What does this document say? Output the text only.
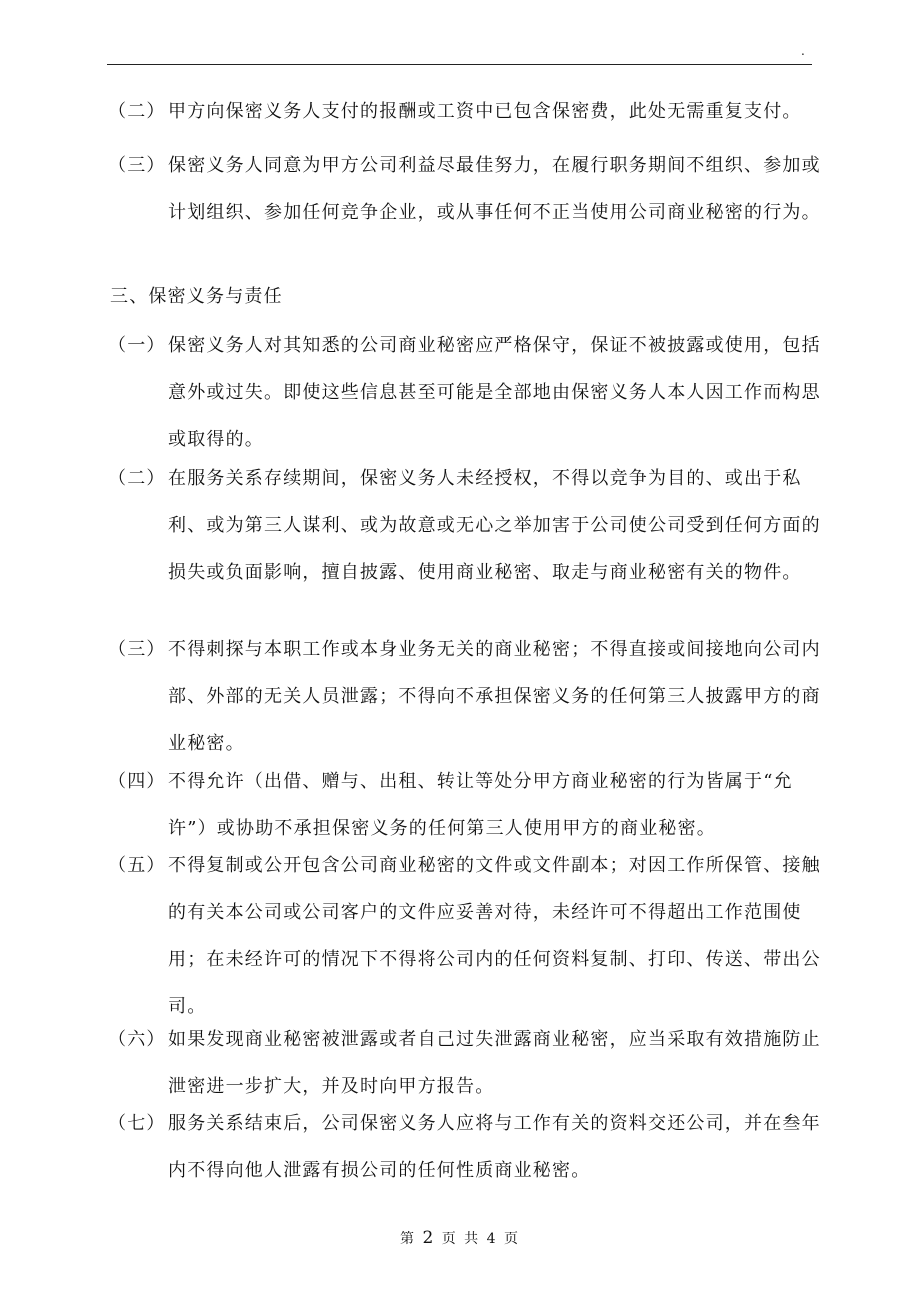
.
（二） 甲方向保密义务人支付的报酬或工资中已包含保密费，此处无需重复支付。
（三） 保密义务人同意为甲方公司利益尽最佳努力，在履行职务期间不组织、参加或计划组织、参加任何竞争企业，或从事任何不正当使用公司商业秘密的行为。
三、保密义务与责任
（一） 保密义务人对其知悉的公司商业秘密应严格保守，保证不被披露或使用，包括意外或过失。即使这些信息甚至可能是全部地由保密义务人本人因工作而构思或取得的。
（二） 在服务关系存续期间，保密义务人未经授权，不得以竞争为目的、或出于私利、或为第三人谋利、或为故意或无心之举加害于公司使公司受到任何方面的损失或负面影响，擅自披露、使用商业秘密、取走与商业秘密有关的物件。
（三） 不得刺探与本职工作或本身业务无关的商业秘密；不得直接或间接地向公司内部、外部的无关人员泄露；不得向不承担保密义务的任何第三人披露甲方的商业秘密。
（四） 不得允许（出借、赠与、出租、转让等处分甲方商业秘密的行为皆属于“允许”）或协助不承担保密义务的任何第三人使用甲方的商业秘密。
（五） 不得复制或公开包含公司商业秘密的文件或文件副本；对因工作所保管、接触的有关本公司或公司客户的文件应妥善对待，未经许可不得超出工作范围使用；在未经许可的情况下不得将公司内的任何资料复制、打印、传送、带出公司。
（六） 如果发现商业秘密被泄露或者自己过失泄露商业秘密，应当采取有效措施防止泄密进一步扩大，并及时向甲方报告。
（七） 服务关系结束后，公司保密义务人应将与工作有关的资料交还公司，并在叁年内不得向他人泄露有损公司的任何性质商业秘密。
第 2 页 共 4 页
